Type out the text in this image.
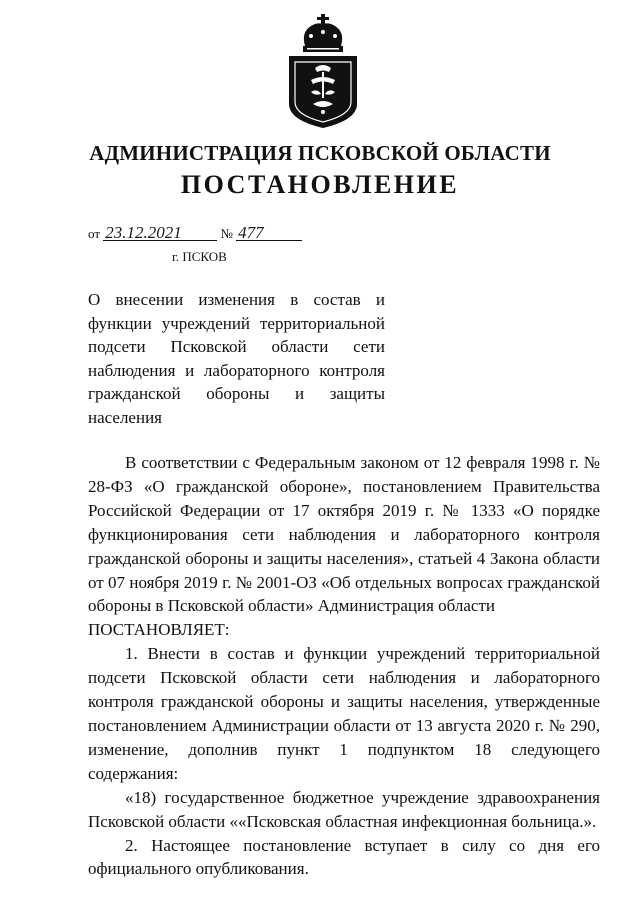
АДМИНИСТРАЦИЯ ПСКОВСКОЙ ОБЛАСТИ
ПОСТАНОВЛЕНИЕ
от 23.12.2021	№ 477
г. ПСКОВ
О внесении изменения в состав и функции учреждений территориальной подсети Псковской области сети наблюдения и лабораторного контроля гражданской обороны и защиты населения

В соответствии с Федеральным законом от 12 февраля 1998 г. № 28-ФЗ «О гражданской обороне», постановлением Правительства Российской Федерации от 17 октября 2019 г. № 1333 «О порядке функционирования сети наблюдения и лабораторного контроля гражданской обороны и защиты населения», статьей 4 Закона области от 07 ноября 2019 г. № 2001-ОЗ «Об отдельных вопросах гражданской обороны в Псковской области» Администрация области

ПОСТАНОВЛЯЕТ:

1. Внести в состав и функции учреждений территориальной подсети Псковской области сети наблюдения и лабораторного контроля гражданской обороны и защиты населения, утвержденные постановлением Администрации области от 13 августа 2020 г. № 290, изменение, дополнив пункт 1 подпунктом 18 следующего содержания:

«18) государственное бюджетное учреждение здравоохранения Псковской области ««Псковская областная инфекционная больница.».

2. Настоящее постановление вступает в силу со дня его официального опубликования.
